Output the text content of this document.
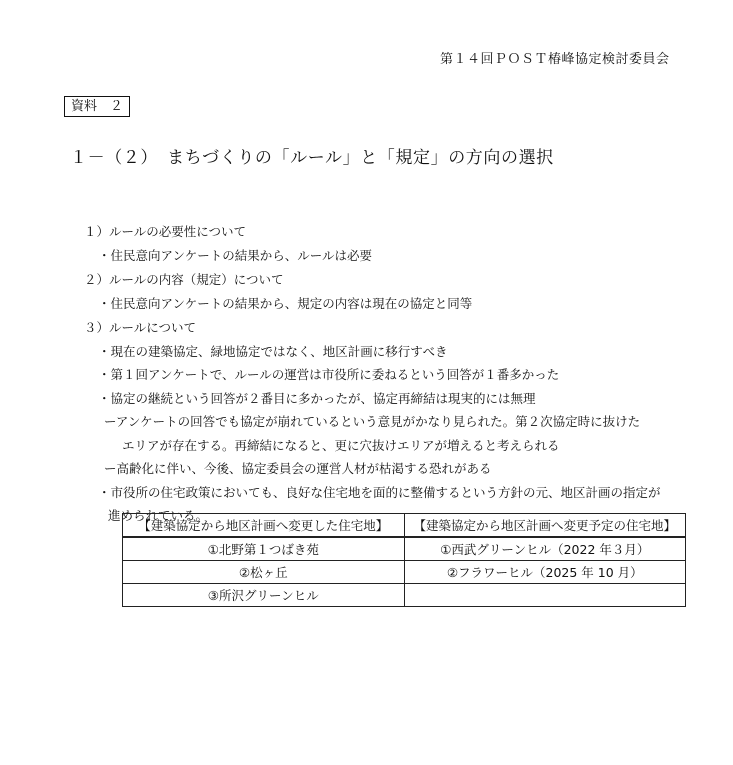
第１４回ＰＯＳＴ椿峰協定検討委員会
資料　２
１－（２）　まちづくりの「ルール」と「規定」の方向の選択
１）ルールの必要性について
・住民意向アンケートの結果から、ルールは必要
２）ルールの内容（規定）について
・住民意向アンケートの結果から、規定の内容は現在の協定と同等
３）ルールについて
・現在の建築協定、緑地協定ではなく、地区計画に移行すべき
・第１回アンケートで、ルールの運営は市役所に委ねるという回答が１番多かった
・協定の継続という回答が２番目に多かったが、協定再締結は現実的には無理
ーアンケートの回答でも協定が崩れているという意見がかなり見られた。第２次協定時に抜けた
エリアが存在する。再締結になると、更に穴抜けエリアが増えると考えられる
ー高齢化に伴い、今後、協定委員会の運営人材が枯渇する恐れがある
・市役所の住宅政策においても、良好な住宅地を面的に整備するという方針の元、地区計画の指定が
進められている。
【建築協定から地区計画へ変更した住宅地】	【建築協定から地区計画へ変更予定の住宅地】
①北野第１つばき苑	①西武グリーンヒル（2022 年３月）
②松ヶ丘	②フラワーヒル（2025 年 10 月）
③所沢グリーンヒル	
